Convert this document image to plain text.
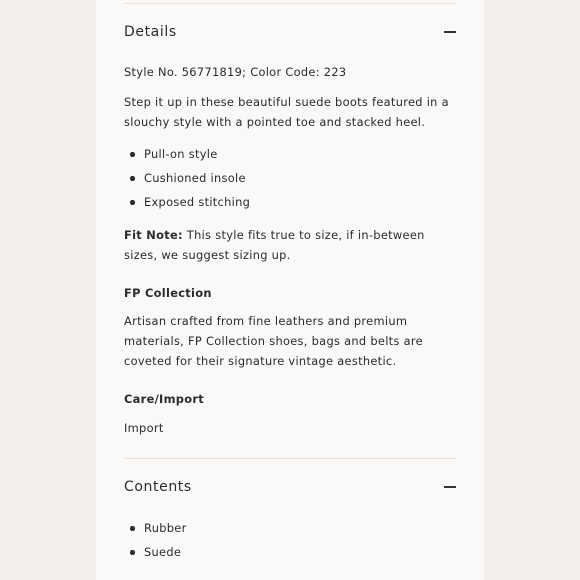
Details

Style No. 56771819; Color Code: 223

Step it up in these beautiful suede boots featured in a slouchy style with a pointed toe and stacked heel.

Pull-on style
Cushioned insole
Exposed stitching

Fit Note: This style fits true to size, if in-between sizes, we suggest sizing up.

FP Collection

Artisan crafted from fine leathers and premium materials, FP Collection shoes, bags and belts are coveted for their signature vintage aesthetic.

Care/Import

Import

Contents
Rubber
Suede
